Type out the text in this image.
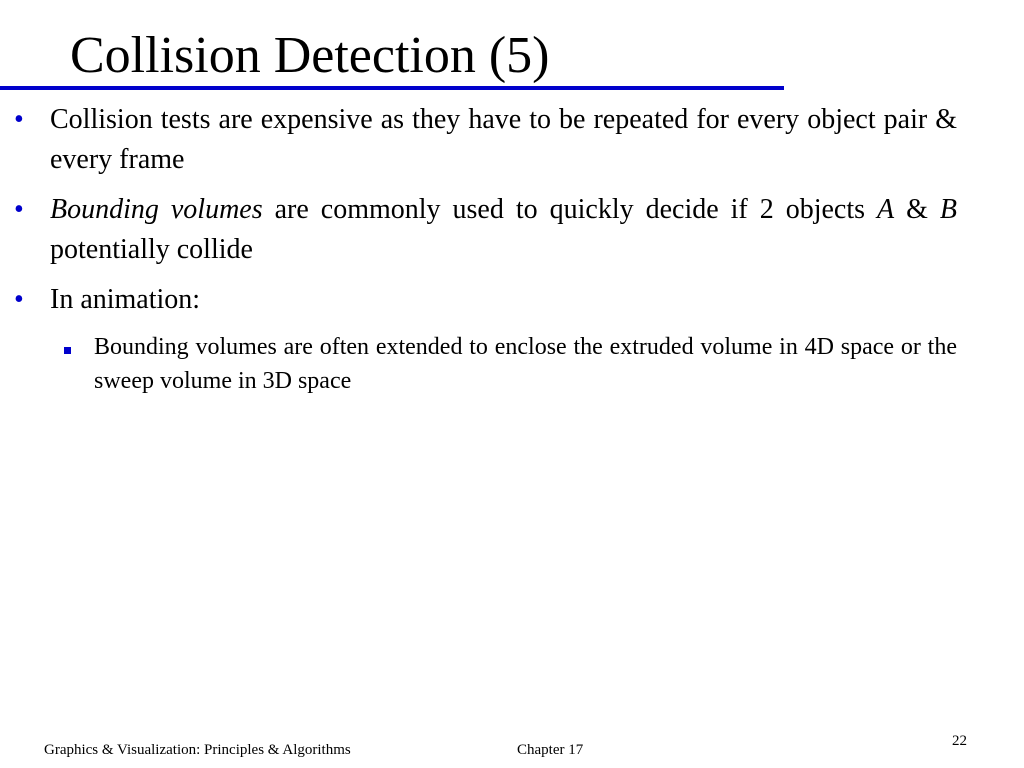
Collision Detection (5)
• Collision tests are expensive as they have to be repeated for every object pair & every frame
• Bounding volumes are commonly used to quickly decide if 2 objects A & B potentially collide
• In animation:
Bounding volumes are often extended to enclose the extruded volume in 4D space or the sweep volume in 3D space
Graphics & Visualization: Principles & Algorithms	Chapter 17
22
